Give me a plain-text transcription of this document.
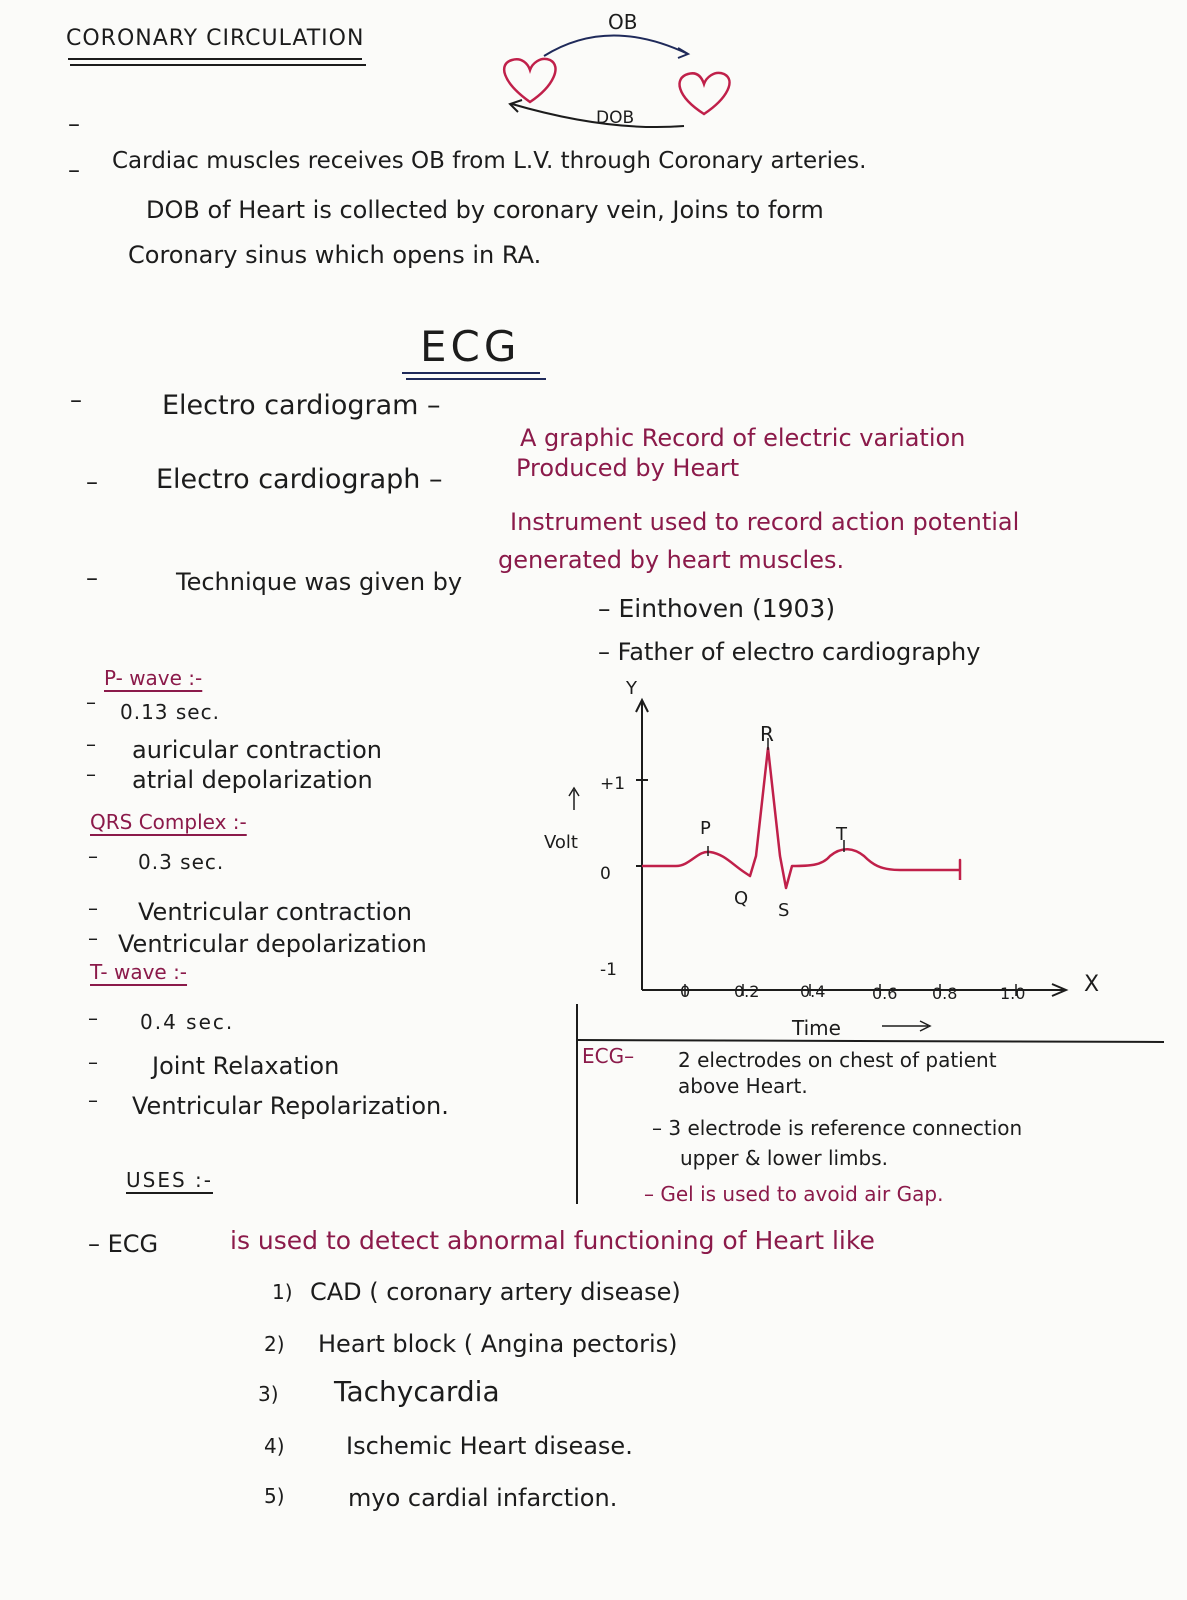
CORONARY CIRCULATION
OB
DOB
–
Cardiac muscles receives OB from L.V. through Coronary arteries.
–
DOB of Heart is collected by coronary vein, Joins to form
Coronary sinus which opens in RA.
ECG
–	Electro cardiogram –
A graphic Record of electric variation
Produced by Heart
– Electro cardiograph –
Instrument used to record action potential
generated by heart muscles.
–	Technique was given by
– Einthoven (1903)
– Father of electro cardiography
P- wave :-
– 0.13 sec.
– auricular contraction
– atrial depolarization
QRS Complex :-
– 0.3 sec.
– Ventricular contraction
– Ventricular depolarization
T- wave :-
– 0.4 sec.
– Joint Relaxation
– Ventricular Repolarization.
Y
X
Volt
+1
0
-1
0	0.2	0.4	0.6 0.8	1.0
Time
P
Q
R
S
T
ECG– 2 electrodes on chest of patient
above Heart.
– 3 electrode is reference connection
upper & lower limbs.
– Gel is used to avoid air Gap.
USES :-
– ECG	is used to detect abnormal functioning of Heart like
1) CAD ( coronary artery disease)
2) Heart block ( Angina pectoris)
3) Tachycardia
4)	Ischemic Heart disease.
5)	myo cardial infarction.
